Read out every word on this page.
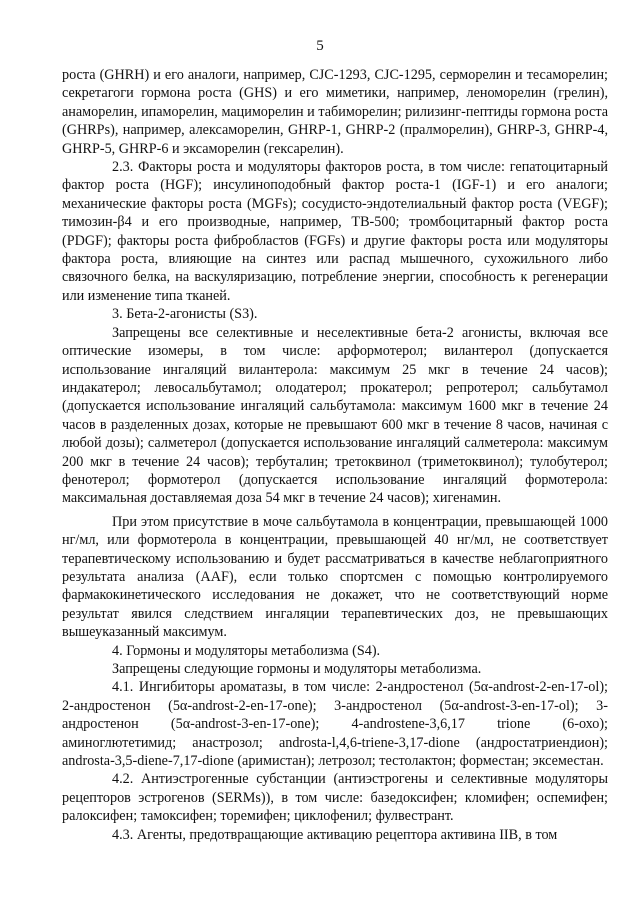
5

роста (GHRH) и его аналоги, например, CJC-1293, CJC-1295, серморелин и тесаморелин; секретагоги гормона роста (GHS) и его миметики, например, леноморелин (грелин), анаморелин, ипаморелин, мациморелин и табиморелин; рилизинг-пептиды гормона роста (GHRPs), например, алексаморелин, GHRP-1, GHRP-2 (пралморелин), GHRP-3, GHRP-4, GHRP-5, GHRP-6 и эксаморелин (гексарелин).

2.3. Факторы роста и модуляторы факторов роста, в том числе: гепатоцитарный фактор роста (HGF); инсулиноподобный фактор роста-1 (IGF-1) и его аналоги; механические факторы роста (MGFs); сосудисто-эндотелиальный фактор роста (VEGF); тимозин-β4 и его производные, например, TB-500; тромбоцитарный фактор роста (PDGF); факторы роста фибробластов (FGFs) и другие факторы роста или модуляторы фактора роста, влияющие на синтез или распад мышечного, сухожильного либо связочного белка, на васкуляризацию, потребление энергии, способность к регенерации или изменение типа тканей.

3. Бета-2-агонисты (S3).

Запрещены все селективные и неселективные бета-2 агонисты, включая все оптические изомеры, в том числе: арформотерол; вилантерол (допускается использование ингаляций вилантерола: максимум 25 мкг в течение 24 часов); индакатерол; левосальбутамол; олодатерол; прокатерол; репротерол; сальбутамол (допускается использование ингаляций сальбутамола: максимум 1600 мкг в течение 24 часов в разделенных дозах, которые не превышают 600 мкг в течение 8 часов, начиная с любой дозы); салметерол (допускается использование ингаляций салметерола: максимум 200 мкг в течение 24 часов); тербуталин; третоквинол (триметоквинол); тулобутерол; фенотерол; формотерол (допускается использование ингаляций формотерола: максимальная доставляемая доза 54 мкг в течение 24 часов); хигенамин.

При этом присутствие в моче сальбутамола в концентрации, превышающей 1000 нг/мл, или формотерола в концентрации, превышающей 40 нг/мл, не соответствует терапевтическому использованию и будет рассматриваться в качестве неблагоприятного результата анализа (AAF), если только спортсмен с помощью контролируемого фармакокинетического исследования не докажет, что не соответствующий норме результат явился следствием ингаляции терапевтических доз, не превышающих вышеуказанный максимум.

4. Гормоны и модуляторы метаболизма (S4).

Запрещены следующие гормоны и модуляторы метаболизма.

4.1. Ингибиторы ароматазы, в том числе: 2-андростенол (5α-androst-2-en-17-ol); 2-андростенон (5α-androst-2-en-17-one); 3-андростенол (5α-androst-3-en-17-ol); 3-андростенон (5α-androst-3-en-17-one); 4-androstene-3,6,17 trione (6-охо); аминоглютетимид; анастрозол; androsta-l,4,6-triene-3,17-dione (андростатриендион); androsta-3,5-diene-7,17-dione (аримистан); летрозол; тестолактон; форместан; эксеместан.

4.2. Антиэстрогенные субстанции (антиэстрогены и селективные модуляторы рецепторов эстрогенов (SERMs)), в том числе: базедоксифен; кломифен; оспемифен; ралоксифен; тамоксифен; торемифен; циклофенил; фулвестрант.

4.3. Агенты, предотвращающие активацию рецептора активина IIB, в том
